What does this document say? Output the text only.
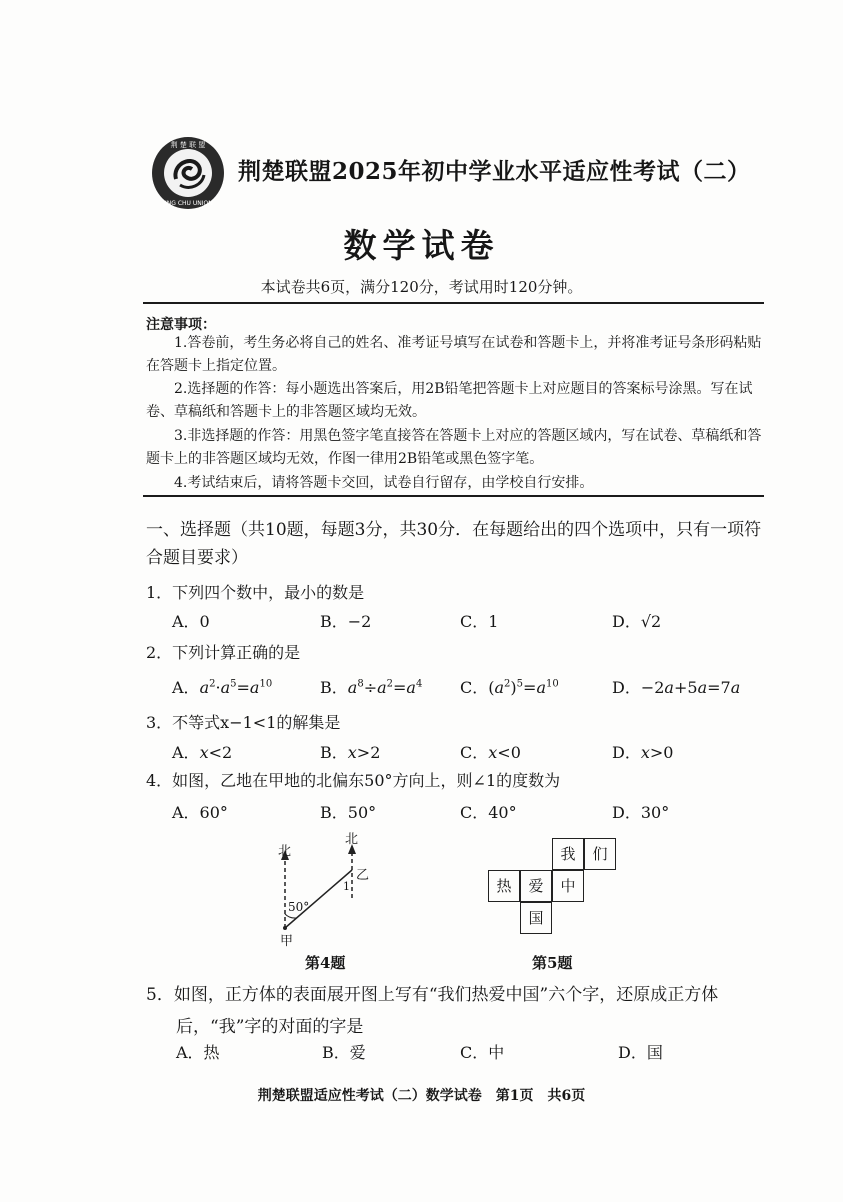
荆 楚 联 盟
JING CHU UNION
荆楚联盟2025年初中学业水平适应性考试（二）
数学试卷
本试卷共6页，满分120分，考试用时120分钟。
注意事项：
1.答卷前，考生务必将自己的姓名、准考证号填写在试卷和答题卡上，并将准考证号条形码粘贴在答题卡上指定位置。
2.选择题的作答：每小题选出答案后，用2B铅笔把答题卡上对应题目的答案标号涂黑。写在试卷、草稿纸和答题卡上的非答题区域均无效。
3.非选择题的作答：用黑色签字笔直接答在答题卡上对应的答题区域内，写在试卷、草稿纸和答题卡上的非答题区域均无效，作图一律用2B铅笔或黑色签字笔。
4.考试结束后，请将答题卡交回，试卷自行留存，由学校自行安排。
一、选择题（共10题，每题3分，共30分．在每题给出的四个选项中，只有一项符合题目要求）
1．下列四个数中，最小的数是
A．0	B．−2	C．1	D．√2
2．下列计算正确的是
A．$a^2\cdot a^5=a^{10}$	B．$a^8\div a^2=a^4$ C．$(a^2)^5=a^{10}$	D．−2a+5a=7a
3．不等式x−1<1的解集是
A．x<2	B．x>2	C．x<0	D．x>0
4．如图，乙地在甲地的北偏东50°方向上，则∠1的度数为
A．60°	B．50°	C．40°	D．30°
北
北
乙
甲
50°
1
第4题
我	们
热	爱	中
国
第5题
5．如图，正方体的表面展开图上写有“我们热爱中国”六个字，还原成正方体
后，“我”字的对面的字是
A．热	B．爱	C．中	D．国
荆楚联盟适应性考试（二）数学试卷　第1页　共6页
